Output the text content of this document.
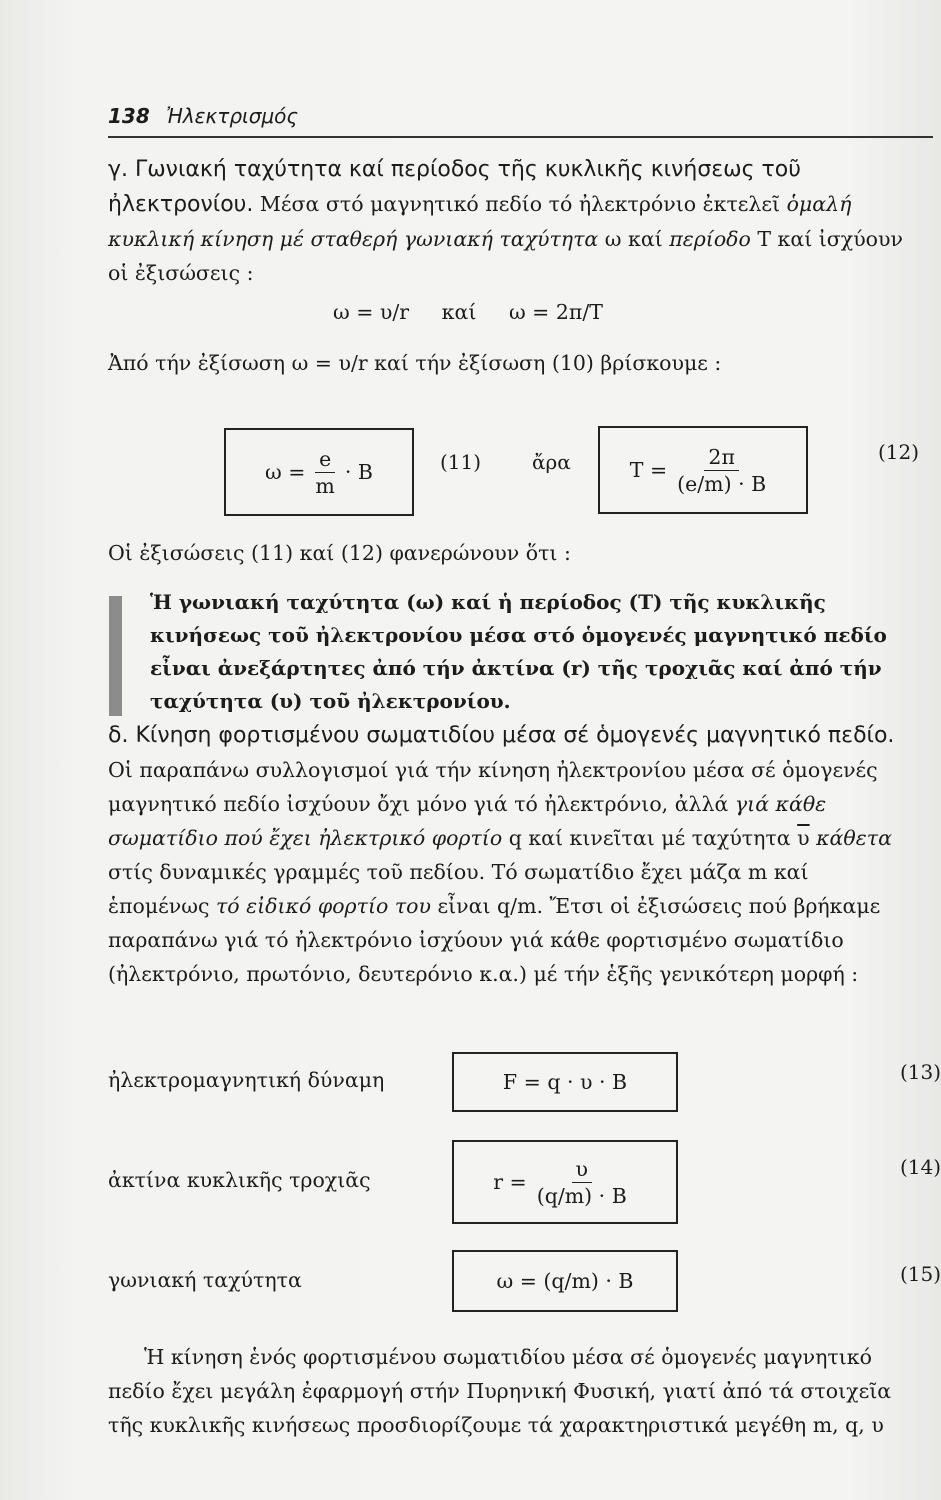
138 Ἠλεκτρισμός
γ. Γωνιακή ταχύτητα καί περίοδος τῆς κυκλικῆς κινήσεως τοῦ ἠλεκτρονίου. Μέσα στό μαγνητικό πεδίο τό ἠλεκτρόνιο ἐκτελεῖ ὁμαλή κυκλική κίνηση μέ σταθερή γωνιακή ταχύτητα ω καί περίοδο T καί ἰσχύουν οἱ ἐξισώσεις :
ω = υ/r     καί     ω = 2π/T
Ἀπό τήν ἐξίσωση ω = υ/r καί τήν ἐξίσωση (10) βρίσκουμε :
$\omega = \frac{e}{m} \cdot B$	(11)	ἄρα	$T = \frac{2\pi}{(e/m) \cdot B}$	(12)
Οἱ ἐξισώσεις (11) καί (12) φανερώνουν ὅτι :
Ἡ γωνιακή ταχύτητα (ω) καί ἡ περίοδος (T) τῆς κυκλικῆς κινήσεως τοῦ ἠλεκτρονίου μέσα στό ὁμογενές μαγνητικό πεδίο εἶναι ἀνεξάρτητες ἀπό τήν ἀκτίνα (r) τῆς τροχιᾶς καί ἀπό τήν ταχύτητα (υ) τοῦ ἠλεκτρονίου.
δ. Κίνηση φορτισμένου σωματιδίου μέσα σέ ὁμογενές μαγνητικό πεδίο. Οἱ παραπάνω συλλογισμοί γιά τήν κίνηση ἠλεκτρονίου μέσα σέ ὁμογενές μαγνητικό πεδίο ἰσχύουν ὄχι μόνο γιά τό ἠλεκτρόνιο, ἀλλά γιά κάθε σωματίδιο πού ἔχει ἠλεκτρικό φορτίο q καί κινεῖται μέ ταχύτητα $\overline{\upsilon}$ κάθετα στίς δυναμικές γραμμές τοῦ πεδίου. Τό σωματίδιο ἔχει μάζα m καί ἑπομένως τό εἰδικό φορτίο του εἶναι q/m. Ἔτσι οἱ ἐξισώσεις πού βρήκαμε παραπάνω γιά τό ἠλεκτρόνιο ἰσχύουν γιά κάθε φορτισμένο σωματίδιο (ἠλεκτρόνιο, πρωτόνιο, δευτερόνιο κ.α.) μέ τήν ἑξῆς γενικότερη μορφή :
ἠλεκτρομαγνητική δύναμη	F = q · υ · B	(13)
ἀκτίνα κυκλικῆς τροχιᾶς	$r = \frac{\upsilon}{(q/m) \cdot B}$	(14)
γωνιακή ταχύτητα	ω = (q/m) · B	(15)
Ἡ κίνηση ἑνός φορτισμένου σωματιδίου μέσα σέ ὁμογενές μαγνητικό πεδίο ἔχει μεγάλη ἐφαρμογή στήν Πυρηνική Φυσική, γιατί ἀπό τά στοιχεῖα τῆς κυκλικῆς κινήσεως προσδιορίζουμε τά χαρακτηριστικά μεγέθη m, q, υ
